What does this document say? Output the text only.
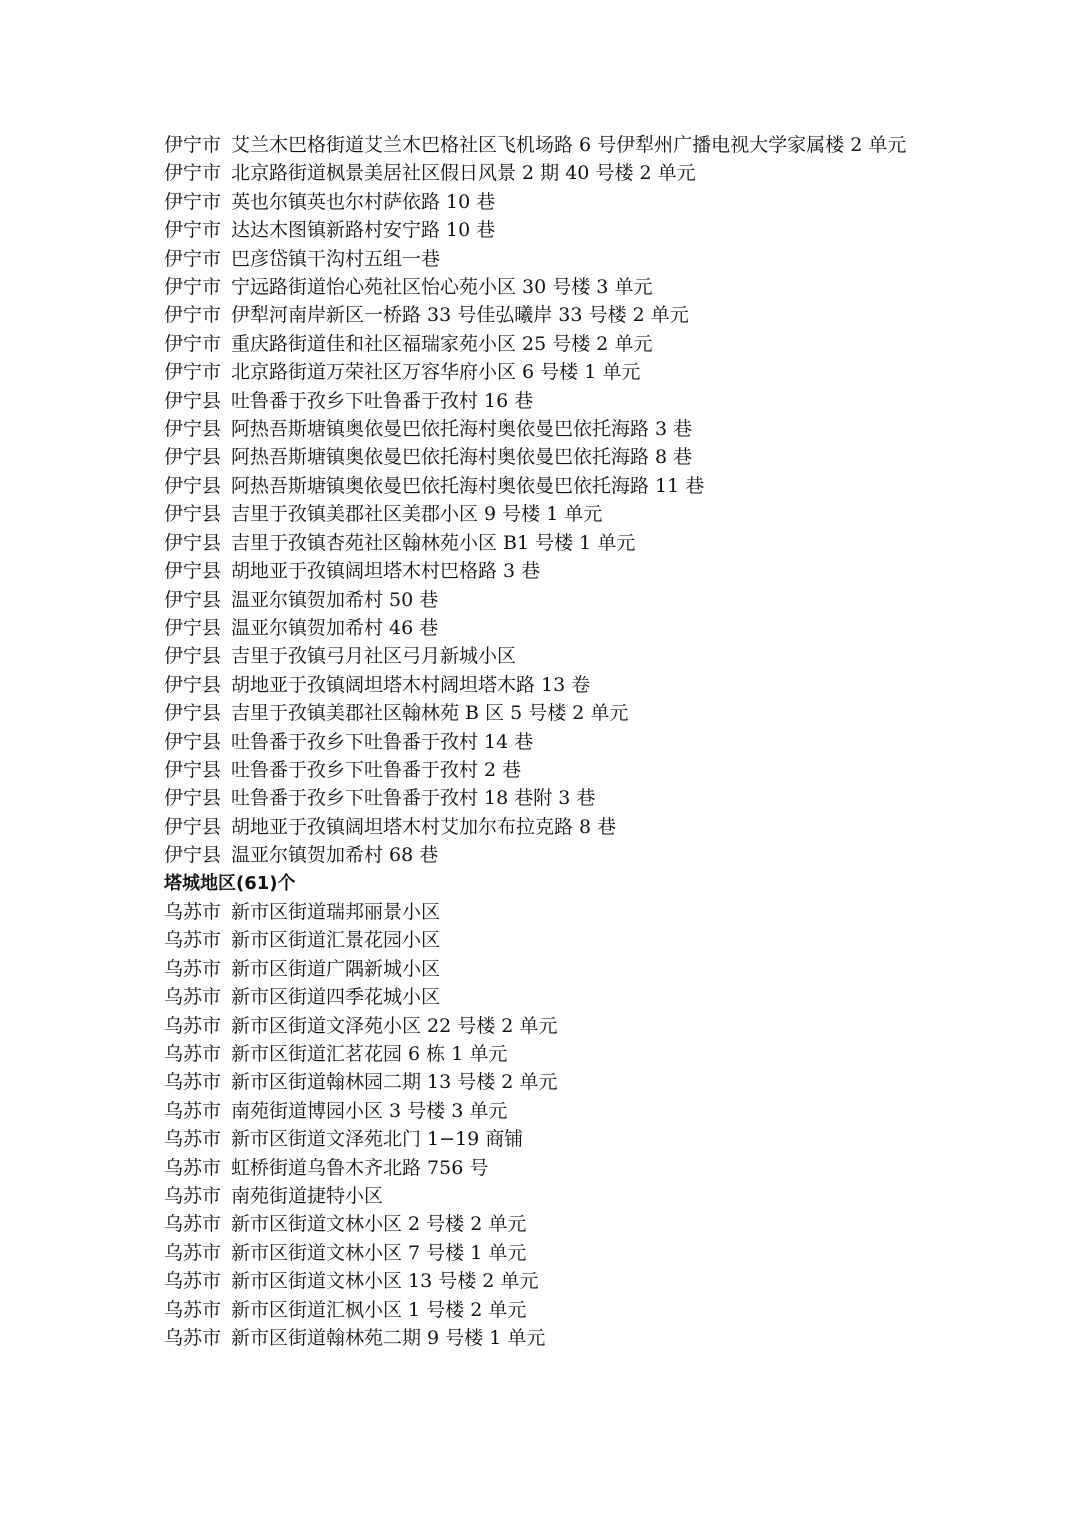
伊宁市 艾兰木巴格街道艾兰木巴格社区飞机场路 6 号伊犁州广播电视大学家属楼 2 单元
伊宁市 北京路街道枫景美居社区假日风景 2 期 40 号楼 2 单元
伊宁市 英也尔镇英也尔村萨依路 10 巷
伊宁市 达达木图镇新路村安宁路 10 巷
伊宁市 巴彦岱镇干沟村五组一巷
伊宁市 宁远路街道怡心苑社区怡心苑小区 30 号楼 3 单元
伊宁市 伊犁河南岸新区一桥路 33 号佳弘曦岸 33 号楼 2 单元
伊宁市 重庆路街道佳和社区福瑞家苑小区 25 号楼 2 单元
伊宁市 北京路街道万荣社区万容华府小区 6 号楼 1 单元
伊宁县 吐鲁番于孜乡下吐鲁番于孜村 16 巷
伊宁县 阿热吾斯塘镇奥依曼巴依托海村奥依曼巴依托海路 3 巷
伊宁县 阿热吾斯塘镇奥依曼巴依托海村奥依曼巴依托海路 8 巷
伊宁县 阿热吾斯塘镇奥依曼巴依托海村奥依曼巴依托海路 11 巷
伊宁县 吉里于孜镇美郡社区美郡小区 9 号楼 1 单元
伊宁县 吉里于孜镇杏苑社区翰林苑小区 B1 号楼 1 单元
伊宁县 胡地亚于孜镇阔坦塔木村巴格路 3 巷
伊宁县 温亚尔镇贺加希村 50 巷
伊宁县 温亚尔镇贺加希村 46 巷
伊宁县 吉里于孜镇弓月社区弓月新城小区
伊宁县 胡地亚于孜镇阔坦塔木村阔坦塔木路 13 卷
伊宁县 吉里于孜镇美郡社区翰林苑 B 区 5 号楼 2 单元
伊宁县 吐鲁番于孜乡下吐鲁番于孜村 14 巷
伊宁县 吐鲁番于孜乡下吐鲁番于孜村 2 巷
伊宁县 吐鲁番于孜乡下吐鲁番于孜村 18 巷附 3 巷
伊宁县 胡地亚于孜镇阔坦塔木村艾加尔布拉克路 8 巷
伊宁县 温亚尔镇贺加希村 68 巷
塔城地区(61)个
乌苏市 新市区街道瑞邦丽景小区
乌苏市 新市区街道汇景花园小区
乌苏市 新市区街道广隅新城小区
乌苏市 新市区街道四季花城小区
乌苏市 新市区街道文泽苑小区 22 号楼 2 单元
乌苏市 新市区街道汇茗花园 6 栋 1 单元
乌苏市 新市区街道翰林园二期 13 号楼 2 单元
乌苏市 南苑街道博园小区 3 号楼 3 单元
乌苏市 新市区街道文泽苑北门 1−19 商铺
乌苏市 虹桥街道乌鲁木齐北路 756 号
乌苏市 南苑街道捷特小区
乌苏市 新市区街道文林小区 2 号楼 2 单元
乌苏市 新市区街道文林小区 7 号楼 1 单元
乌苏市 新市区街道文林小区 13 号楼 2 单元
乌苏市 新市区街道汇枫小区 1 号楼 2 单元
乌苏市 新市区街道翰林苑二期 9 号楼 1 单元
